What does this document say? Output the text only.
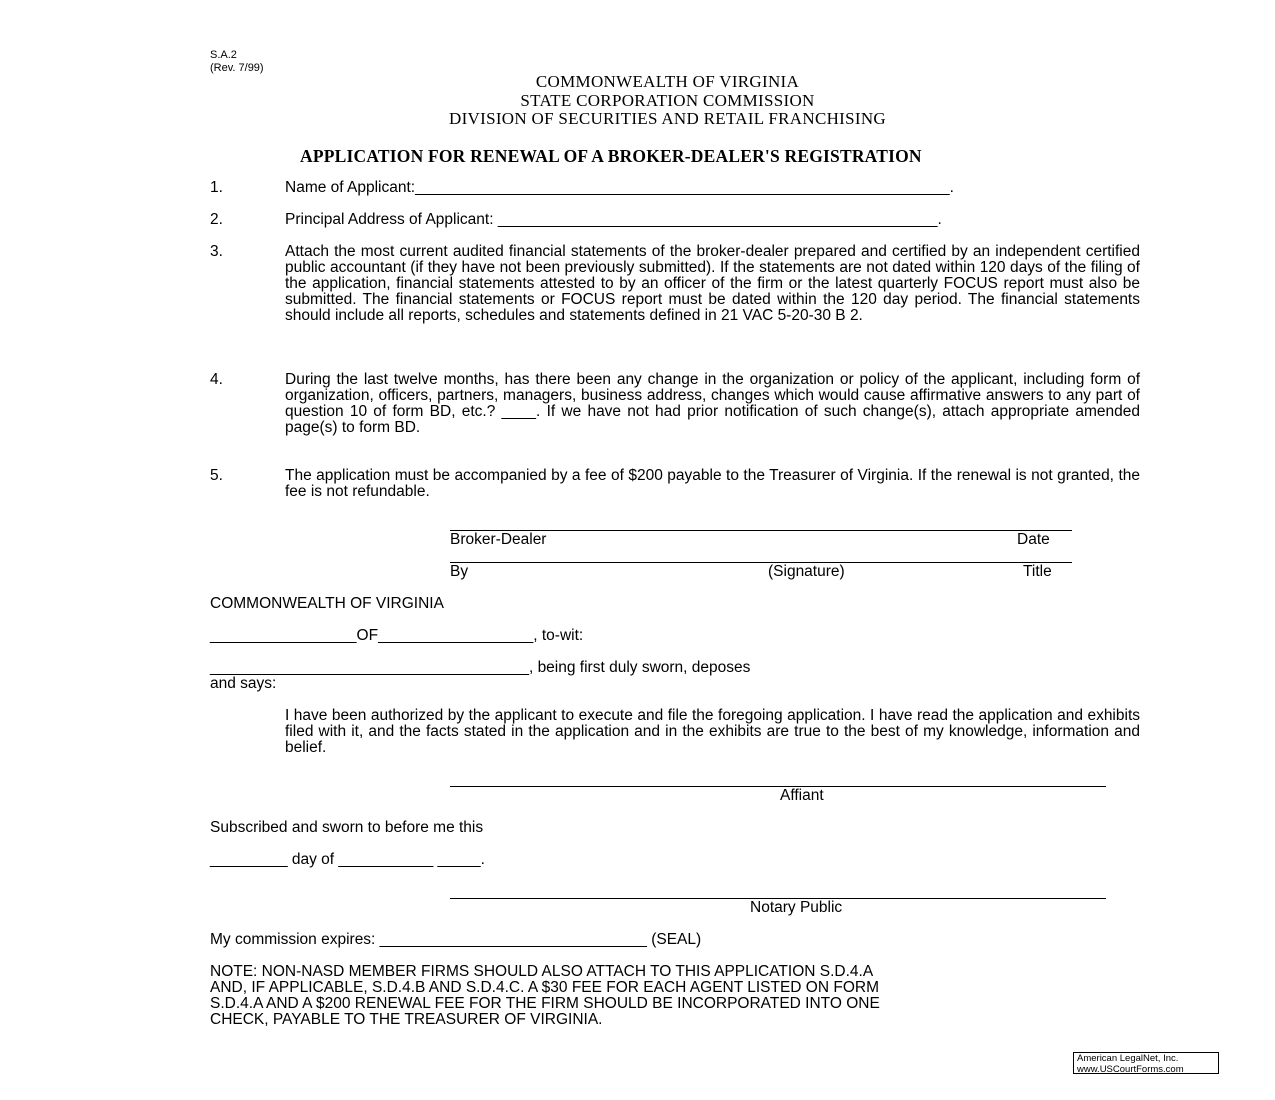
S.A.2
(Rev. 7/99)
COMMONWEALTH OF VIRGINIA
STATE CORPORATION COMMISSION
DIVISION OF SECURITIES AND RETAIL FRANCHISING
APPLICATION FOR RENEWAL OF A BROKER-DEALER'S REGISTRATION
1.	Name of Applicant:______________________________________________________________.
2.	Principal Address of Applicant: ___________________________________________________.
3.	Attach the most current audited financial statements of the broker-dealer prepared and certified by an independent certified public accountant (if they have not been previously submitted). If the statements are not dated within 120 days of the filing of the application, financial statements attested to by an officer of the firm or the latest quarterly FOCUS report must also be submitted. The financial statements or FOCUS report must be dated within the 120 day period. The financial statements should include all reports, schedules and statements defined in 21 VAC 5-20-30 B 2.
4.	During the last twelve months, has there been any change in the organization or policy of the applicant, including form of organization, officers, partners, managers, business address, changes which would cause affirmative answers to any part of question 10 of form BD, etc.? ____. If we have not had prior notification of such change(s), attach appropriate amended page(s) to form BD.
5.	The application must be accompanied by a fee of $200 payable to the Treasurer of Virginia. If the renewal is not granted, the fee is not refundable.
Broker-Dealer	Date
By	(Signature)	Title
COMMONWEALTH OF VIRGINIA
_________________OF__________________, to-wit:
_____________________________________, being first duly sworn, deposes
and says:
I have been authorized by the applicant to execute and file the foregoing application. I have read the application and exhibits filed with it, and the facts stated in the application and in the exhibits are true to the best of my knowledge, information and belief.
Affiant
Subscribed and sworn to before me this
_________ day of ___________ _____.
Notary Public
My commission expires: _______________________________ (SEAL)
NOTE: NON-NASD MEMBER FIRMS SHOULD ALSO ATTACH TO THIS APPLICATION S.D.4.A
AND, IF APPLICABLE, S.D.4.B AND S.D.4.C. A $30 FEE FOR EACH AGENT LISTED ON FORM
S.D.4.A AND A $200 RENEWAL FEE FOR THE FIRM SHOULD BE INCORPORATED INTO ONE
CHECK, PAYABLE TO THE TREASURER OF VIRGINIA.
American LegalNet, Inc.
www.USCourtForms.com
